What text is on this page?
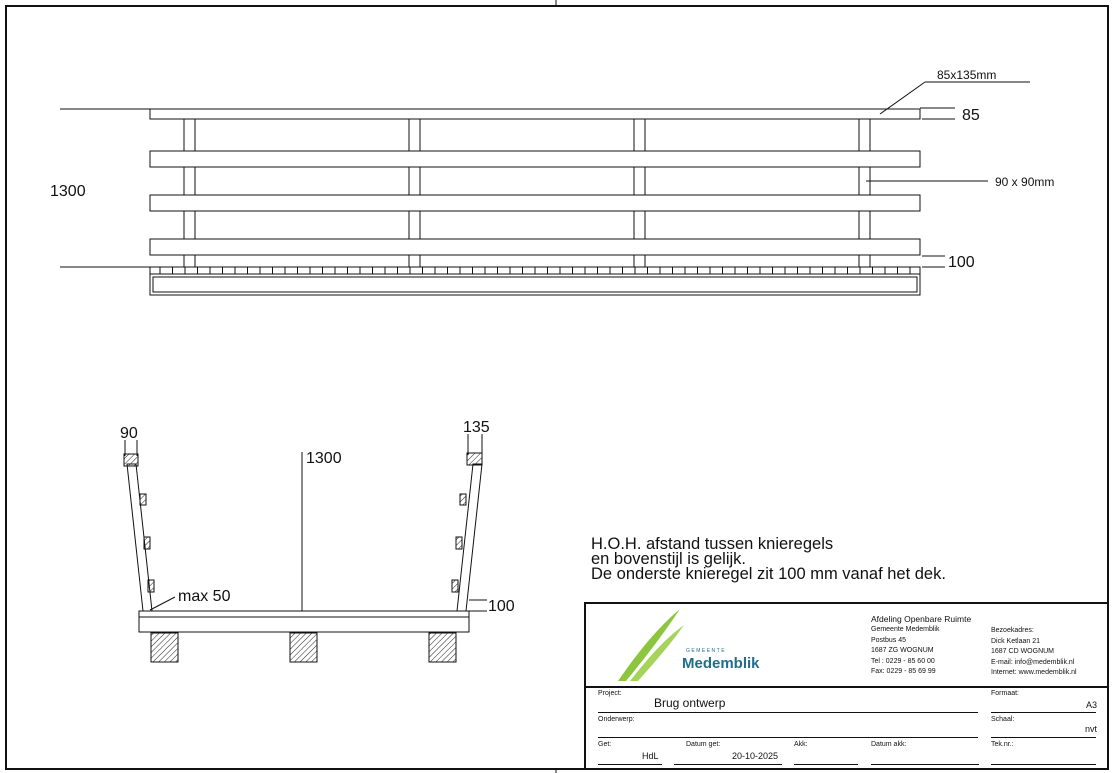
85x135mm
85
90 x 90mm
100
1300
90	135
1300
max 50
100
H.O.H. afstand tussen knieregels
en bovenstijl is gelijk.
De onderste knieregel zit 100 mm vanaf het dek.
GEMEENTE
Medemblik
Afdeling Openbare Ruimte
Gemeente Medemblik
Postbus 45
1687 ZG WOGNUM
Tel : 0229 - 85 60 00
Fax: 0229 - 85 69 99
Bezoekadres:
Dick Ketlaan 21
1687 CD WOGNUM
E-mail: info@medemblik.nl
Internet: www.medemblik.nl
Project:
Brug ontwerp
Formaat:
A3
Onderwerp:	Schaal:
nvt
Get:
HdL
Datum get:
20-10-2025
Akk:	Datum akk:	Tek.nr.:
